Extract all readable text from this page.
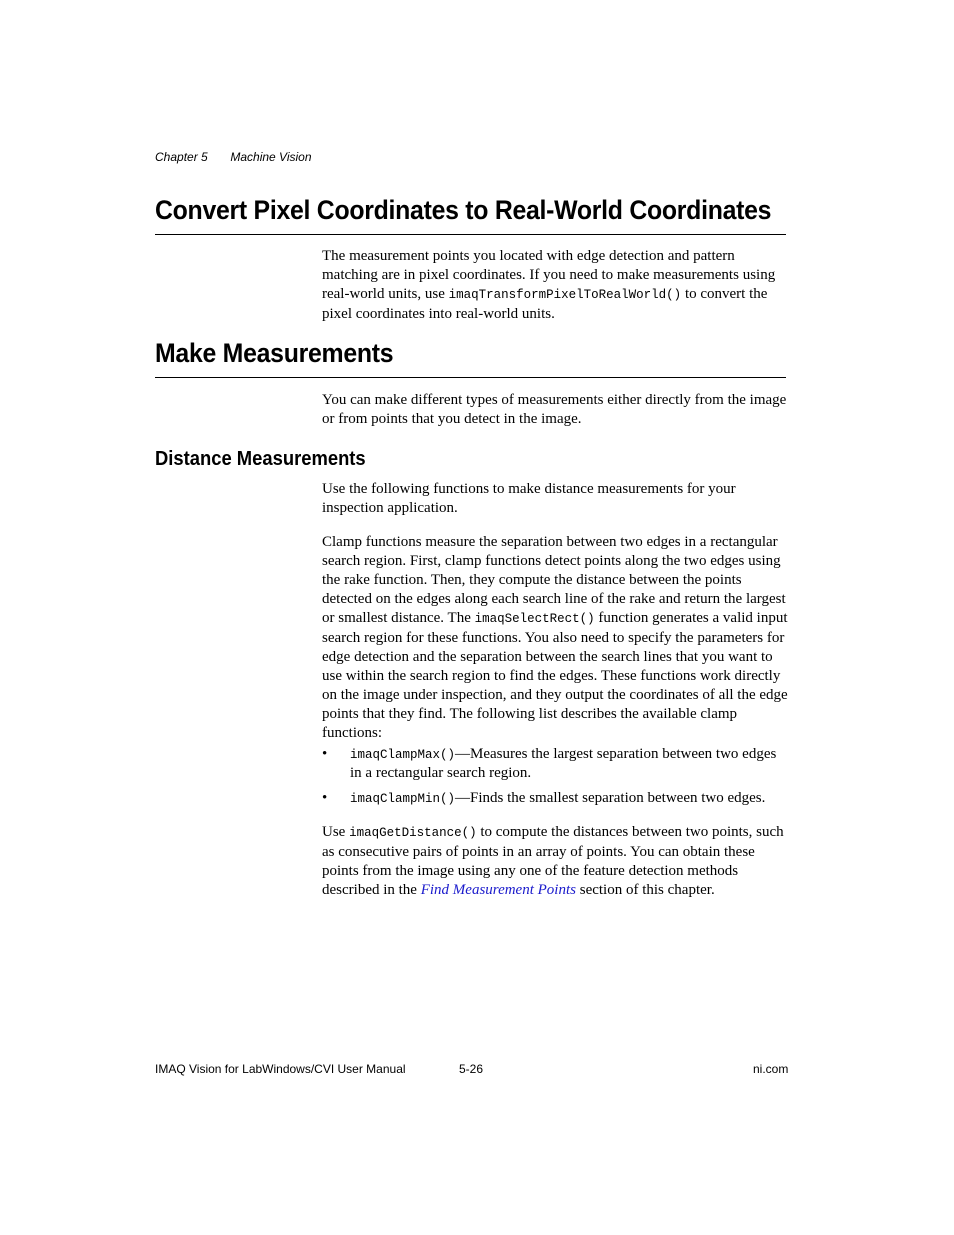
Chapter 5 Machine Vision
Convert Pixel Coordinates to Real-World Coordinates

The measurement points you located with edge detection and pattern matching are in pixel coordinates. If you need to make measurements using real-world units, use imaqTransformPixelToRealWorld() to convert the pixel coordinates into real-world units.

Make Measurements

You can make different types of measurements either directly from the image or from points that you detect in the image.

Distance Measurements

Use the following functions to make distance measurements for your inspection application.

Clamp functions measure the separation between two edges in a rectangular search region. First, clamp functions detect points along the two edges using the rake function. Then, they compute the distance between the points detected on the edges along each search line of the rake and return the largest or smallest distance. The imaqSelectRect() function generates a valid input search region for these functions. You also need to specify the parameters for edge detection and the separation between the search lines that you want to use within the search region to find the edges. These functions work directly on the image under inspection, and they output the coordinates of all the edge points that they find. The following list describes the available clamp functions:

• imaqClampMax()—Measures the largest separation between two edges in a rectangular search region.
• imaqClampMin()—Finds the smallest separation between two edges.

Use imaqGetDistance() to compute the distances between two points, such as consecutive pairs of points in an array of points. You can obtain these points from the image using any one of the feature detection methods described in the Find Measurement Points section of this chapter.

IMAQ Vision for LabWindows/CVI User Manual	5-26	ni.com
